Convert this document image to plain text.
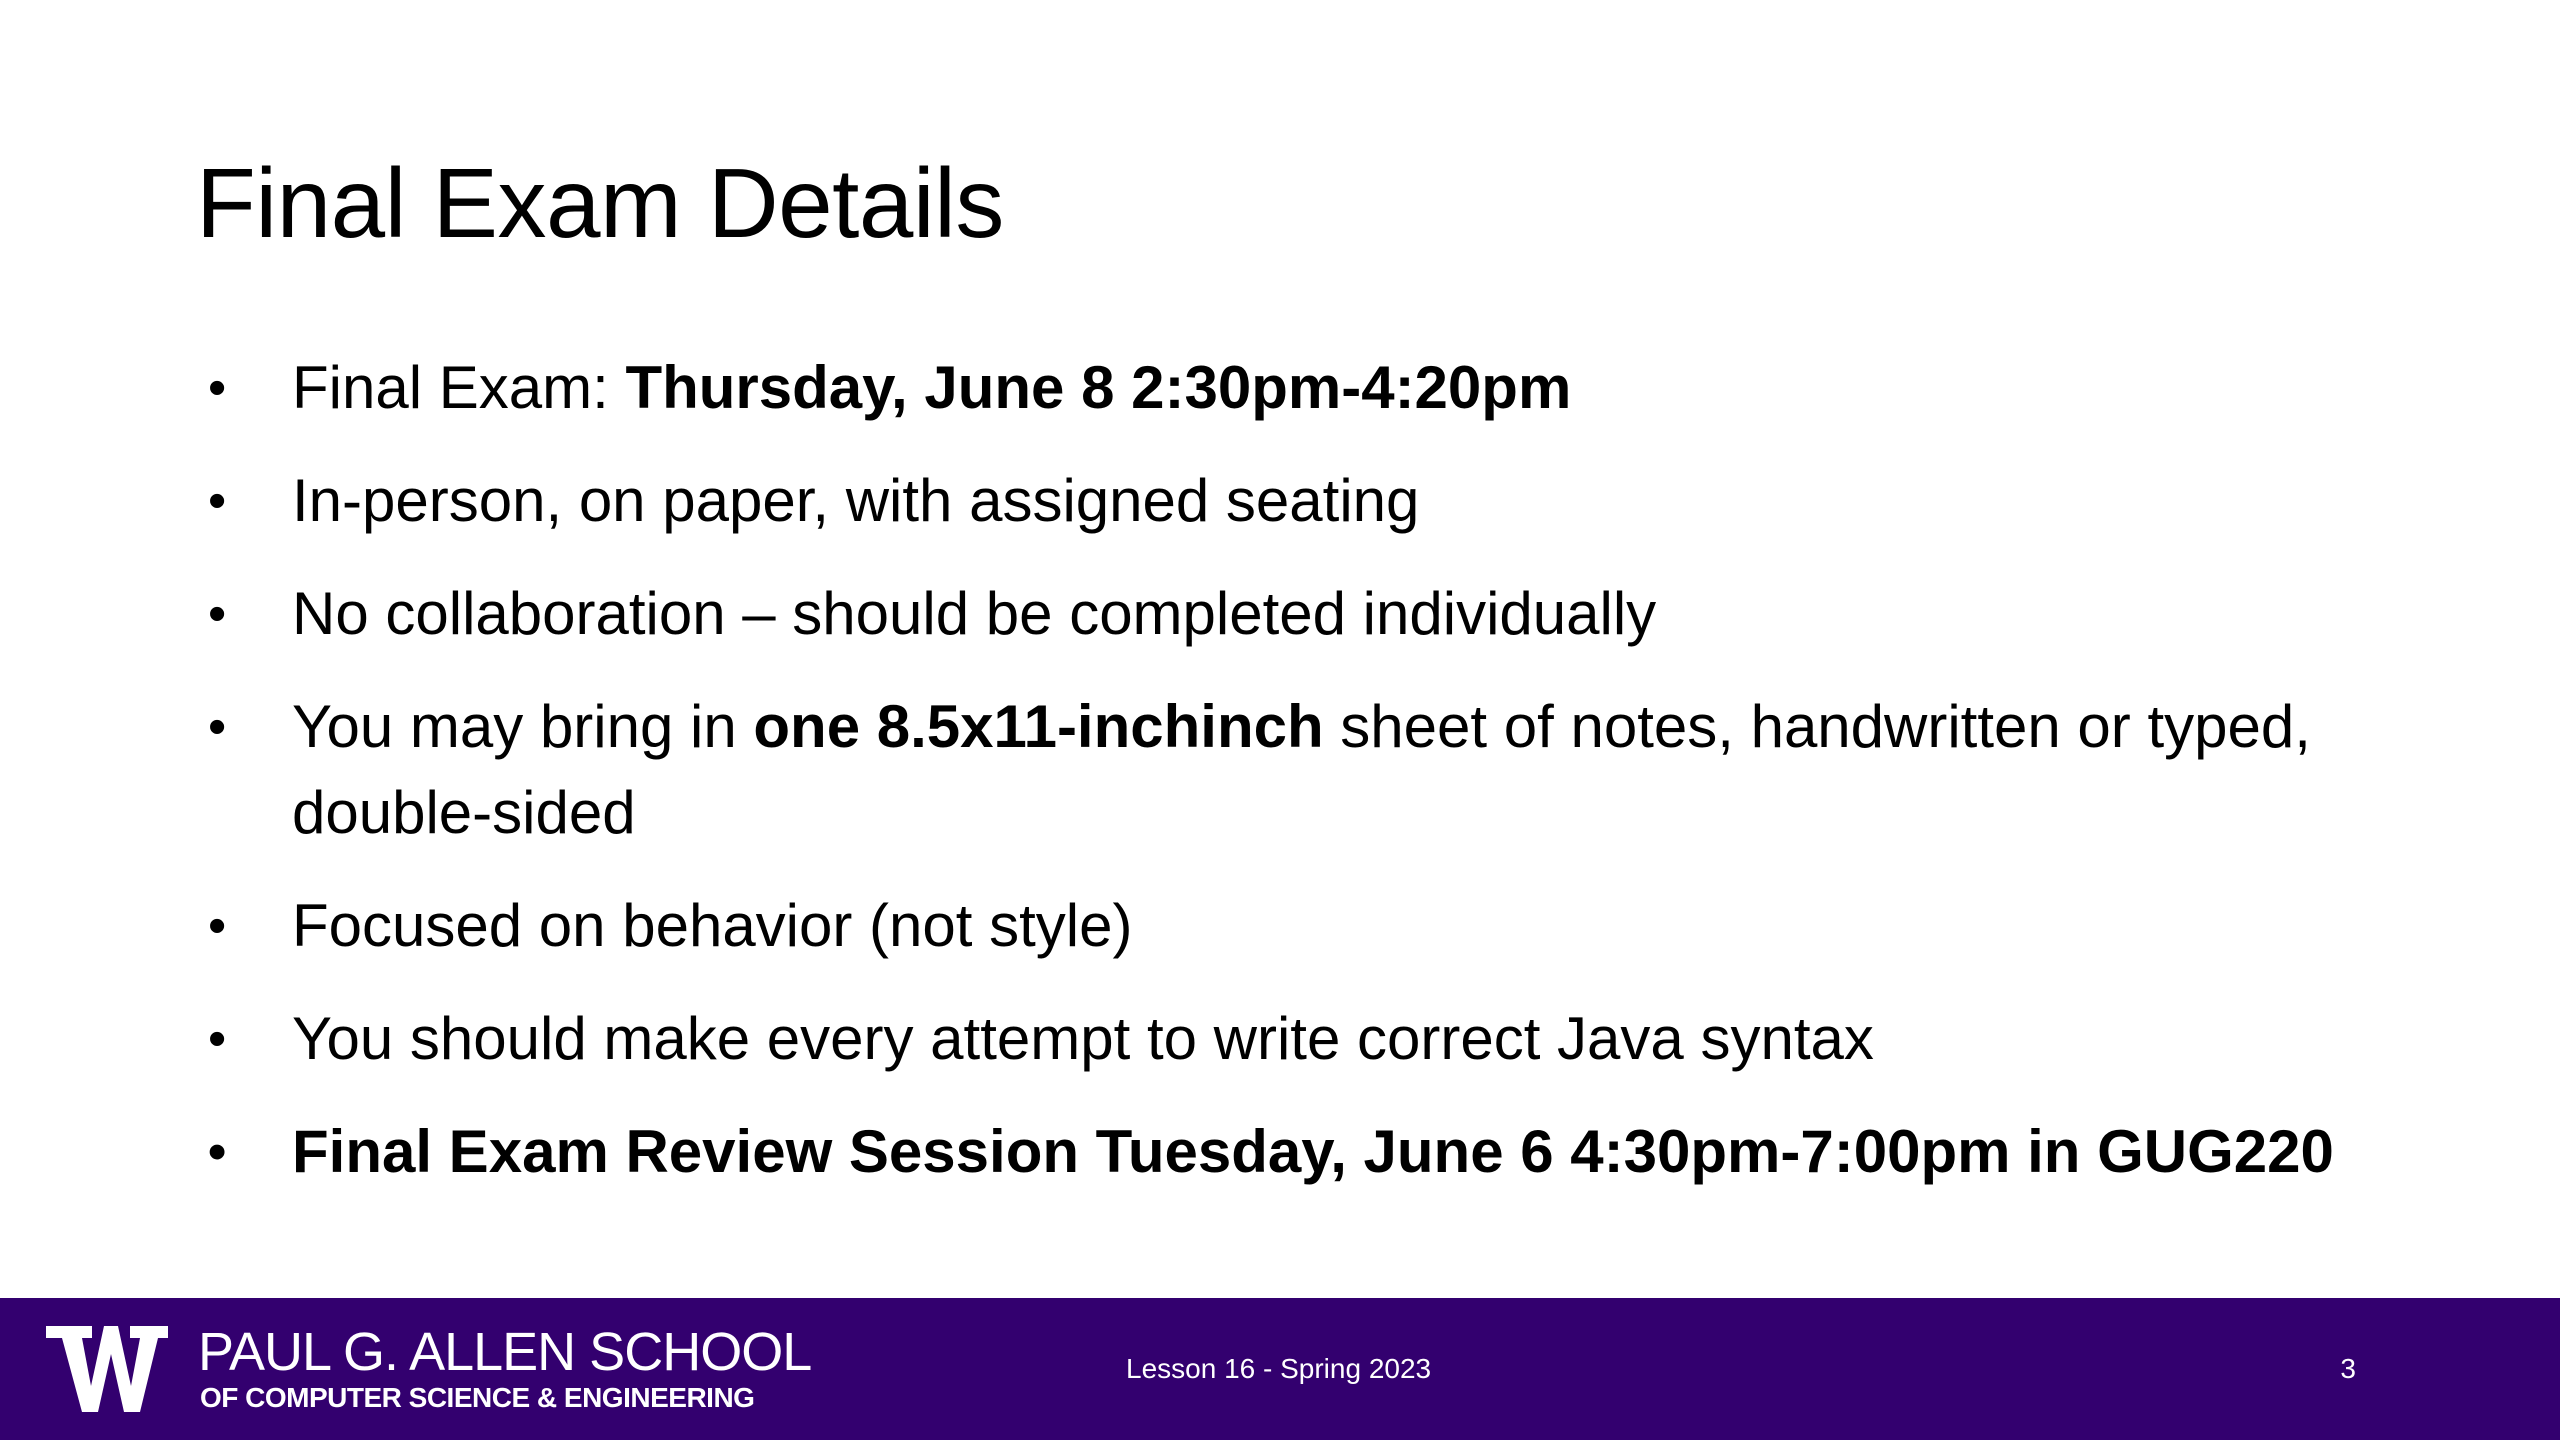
Final Exam Details
• Final Exam: Thursday, June 8 2:30pm-4:20pm
• In-person, on paper, with assigned seating
• No collaboration – should be completed individually
• You may bring in one 8.5x11-inchinch sheet of notes, handwritten or typed, double-sided
• Focused on behavior (not style)
• You should make every attempt to write correct Java syntax
• Final Exam Review Session Tuesday, June 6 4:30pm-7:00pm in GUG220
PAUL G. ALLEN SCHOOL
OF COMPUTER SCIENCE & ENGINEERING
Lesson 16 - Spring 2023	3
